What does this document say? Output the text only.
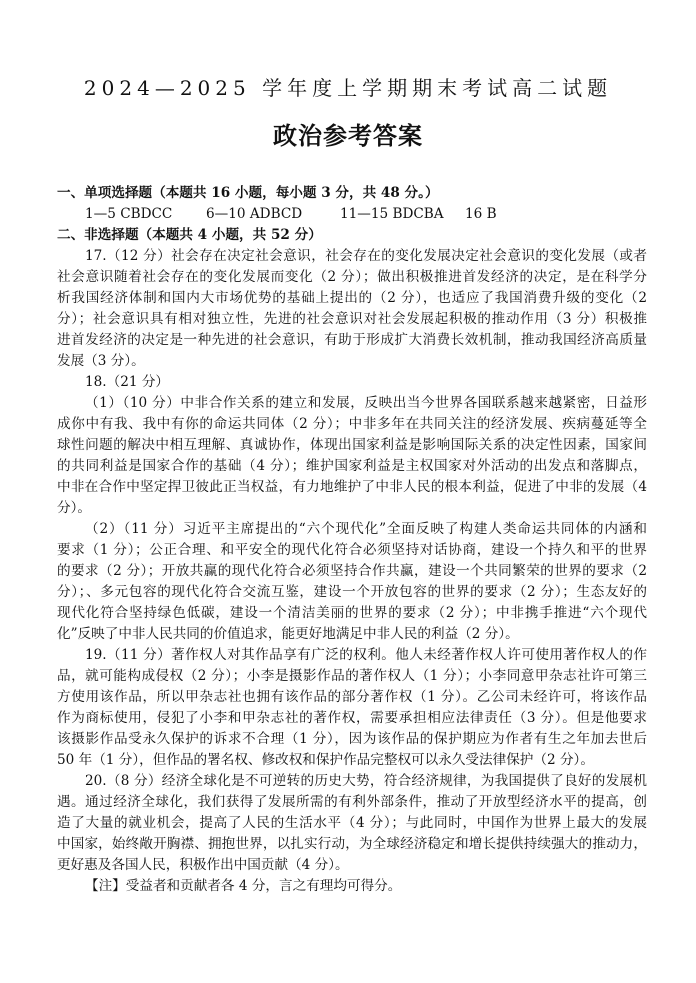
2024—2025 学年度上学期期末考试高二试题
政治参考答案
一、单项选择题（本题共 16 小题，每小题 3 分，共 48 分。）
1—5 CBDCC	6—10 ADBCD	11—15 BDCBA	16 B
二、非选择题（本题共 4 小题，共 52 分）
17.（12 分）社会存在决定社会意识，社会存在的变化发展决定社会意识的变化发展（或者
社会意识随着社会存在的变化发展而变化（2 分）；做出积极推进首发经济的决定，是在科学分
析我国经济体制和国内大市场优势的基础上提出的（2 分），也适应了我国消费升级的变化（2
分）；社会意识具有相对独立性，先进的社会意识对社会发展起积极的推动作用（3 分）积极推
进首发经济的决定是一种先进的社会意识，有助于形成扩大消费长效机制，推动我国经济高质量
发展（3 分）。
18.（21 分）
（1）（10 分）中非合作关系的建立和发展，反映出当今世界各国联系越来越紧密，日益形
成你中有我、我中有你的命运共同体（2 分）；中非多年在共同关注的经济发展、疾病蔓延等全
球性问题的解决中相互理解、真诚协作，体现出国家利益是影响国际关系的决定性因素，国家间
的共同利益是国家合作的基础（4 分）；维护国家利益是主权国家对外活动的出发点和落脚点，
中非在合作中坚定捍卫彼此正当权益，有力地维护了中非人民的根本利益，促进了中非的发展（4
分）。
（2）（11 分）习近平主席提出的“六个现代化”全面反映了构建人类命运共同体的内涵和
要求（1 分）；公正合理、和平安全的现代化符合必须坚持对话协商，建设一个持久和平的世界
的要求（2 分）；开放共赢的现代化符合必须坚持合作共赢，建设一个共同繁荣的世界的要求（2
分）；、多元包容的现代化符合交流互鉴，建设一个开放包容的世界的要求（2 分）；生态友好的
现代化符合坚持绿色低碳，建设一个清洁美丽的世界的要求（2 分）；中非携手推进“六个现代
化”反映了中非人民共同的价值追求，能更好地满足中非人民的利益（2 分）。
19.（11 分）著作权人对其作品享有广泛的权利。他人未经著作权人许可使用著作权人的作
品，就可能构成侵权（2 分）；小李是摄影作品的著作权人（1 分）；小李同意甲杂志社许可第三
方使用该作品，所以甲杂志社也拥有该作品的部分著作权（1 分）。乙公司未经许可，将该作品
作为商标使用，侵犯了小李和甲杂志社的著作权，需要承担相应法律责任（3 分）。但是他要求
该摄影作品受永久保护的诉求不合理（1 分），因为该作品的保护期应为作者有生之年加去世后
50 年（1 分），但作品的署名权、修改权和保护作品完整权可以永久受法律保护（2 分）。
20.（8 分）经济全球化是不可逆转的历史大势，符合经济规律，为我国提供了良好的发展机
遇。通过经济全球化，我们获得了发展所需的有利外部条件，推动了开放型经济水平的提高，创
造了大量的就业机会，提高了人民的生活水平（4 分）；与此同时，中国作为世界上最大的发展
中国家，始终敞开胸襟、拥抱世界，以扎实行动，为全球经济稳定和增长提供持续强大的推动力，
更好惠及各国人民，积极作出中国贡献（4 分）。
【注】受益者和贡献者各 4 分，言之有理均可得分。
